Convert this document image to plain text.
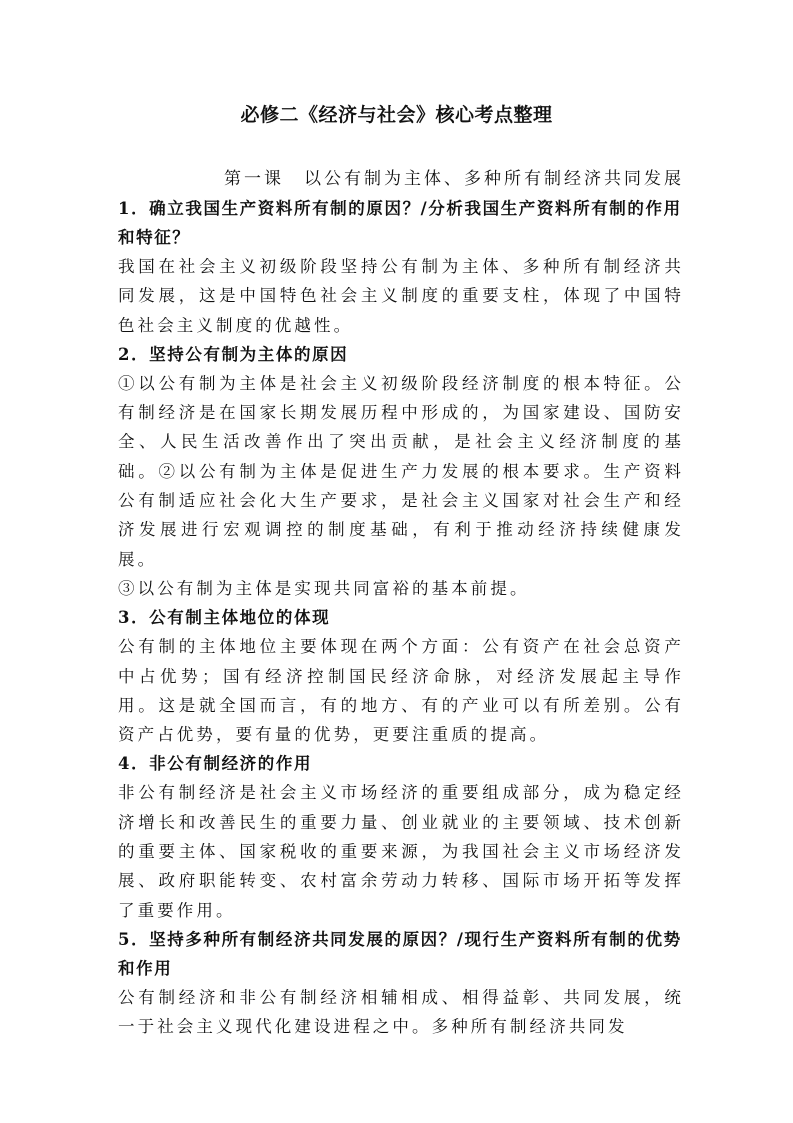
必修二《经济与社会》核心考点整理
第一课　以公有制为主体、多种所有制经济共同发展
1．确立我国生产资料所有制的原因？/分析我国生产资料所有制的作用和特征？
我国在社会主义初级阶段坚持公有制为主体、多种所有制经济共同发展，这是中国特色社会主义制度的重要支柱，体现了中国特色社会主义制度的优越性。
2．坚持公有制为主体的原因
①以公有制为主体是社会主义初级阶段经济制度的根本特征。公有制经济是在国家长期发展历程中形成的，为国家建设、国防安全、人民生活改善作出了突出贡献，是社会主义经济制度的基础。②以公有制为主体是促进生产力发展的根本要求。生产资料公有制适应社会化大生产要求，是社会主义国家对社会生产和经济发展进行宏观调控的制度基础，有利于推动经济持续健康发展。
③以公有制为主体是实现共同富裕的基本前提。
3．公有制主体地位的体现
公有制的主体地位主要体现在两个方面：公有资产在社会总资产中占优势；国有经济控制国民经济命脉，对经济发展起主导作用。这是就全国而言，有的地方、有的产业可以有所差别。公有资产占优势，要有量的优势，更要注重质的提高。
4．非公有制经济的作用
非公有制经济是社会主义市场经济的重要组成部分，成为稳定经济增长和改善民生的重要力量、创业就业的主要领域、技术创新的重要主体、国家税收的重要来源，为我国社会主义市场经济发展、政府职能转变、农村富余劳动力转移、国际市场开拓等发挥了重要作用。
5．坚持多种所有制经济共同发展的原因？/现行生产资料所有制的优势和作用
公有制经济和非公有制经济相辅相成、相得益彰、共同发展，统一于社会主义现代化建设进程之中。多种所有制经济共同发
